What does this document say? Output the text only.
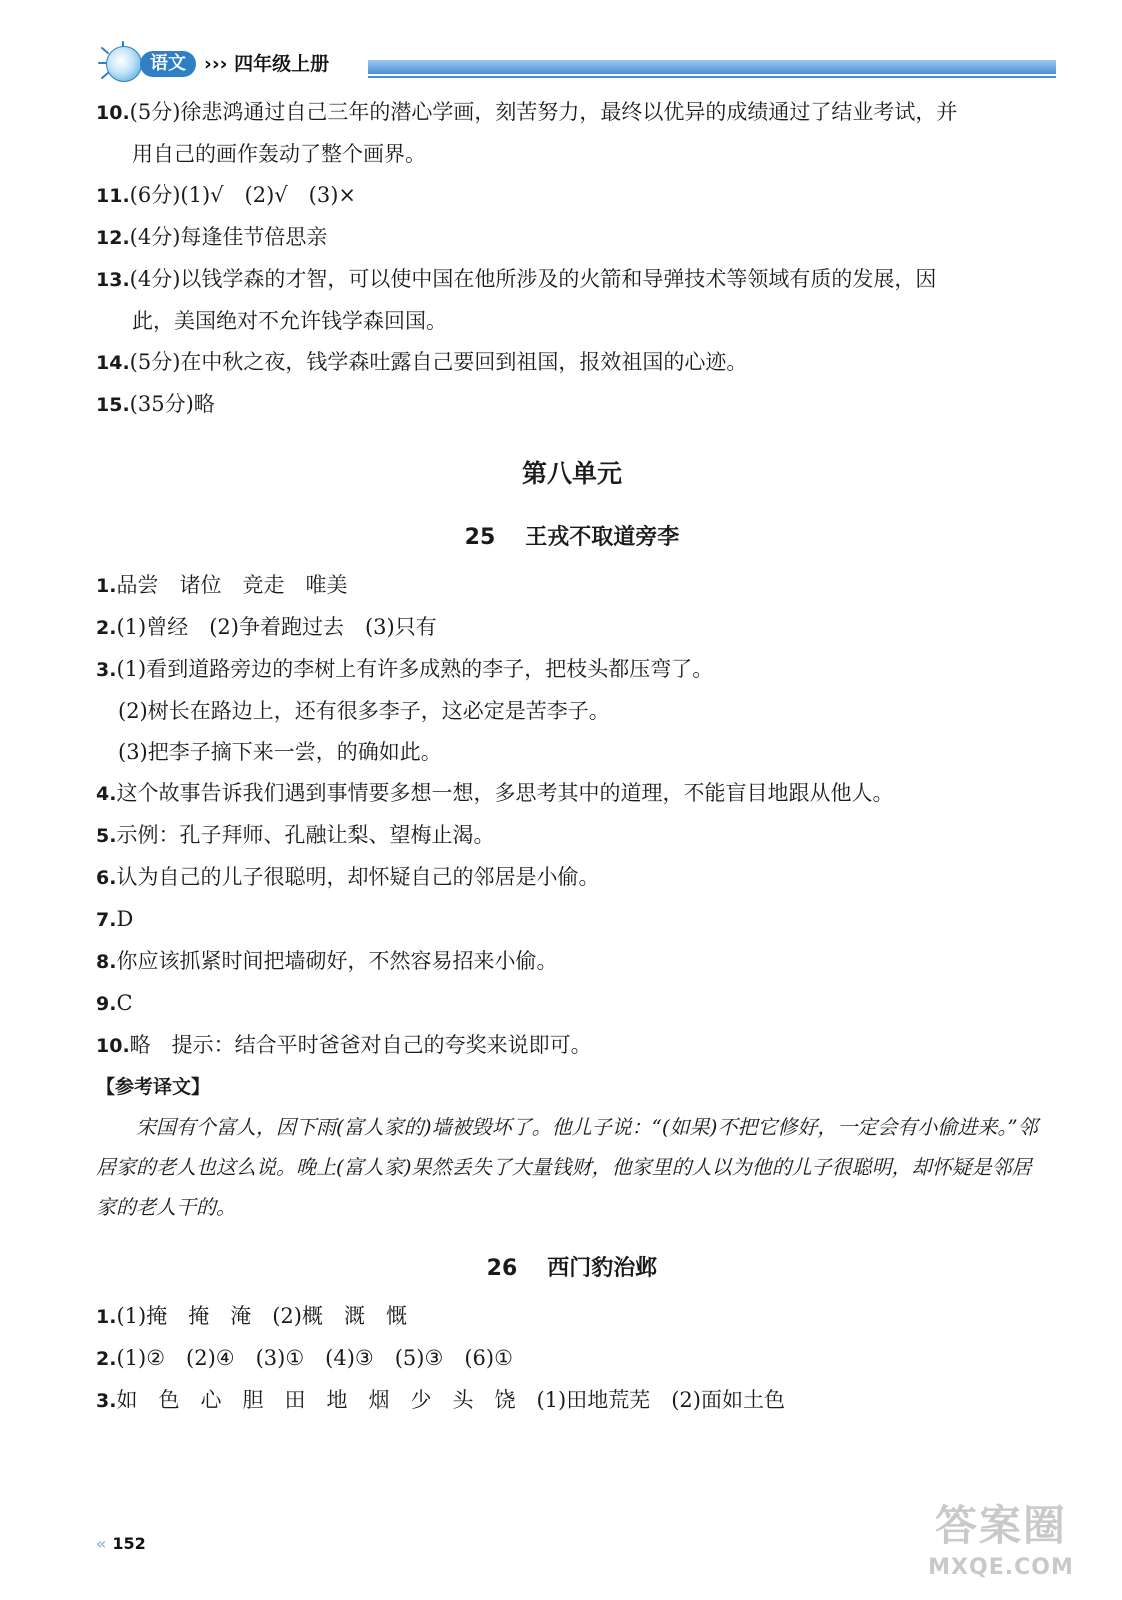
语文 ››› 四年级上册
10.(5分)徐悲鸿通过自己三年的潜心学画，刻苦努力，最终以优异的成绩通过了结业考试，并
用自己的画作轰动了整个画界。
11.(6分)(1)√　(2)√　(3)×
12.(4分)每逢佳节倍思亲
13.(4分)以钱学森的才智，可以使中国在他所涉及的火箭和导弹技术等领域有质的发展，因
此，美国绝对不允许钱学森回国。
14.(5分)在中秋之夜，钱学森吐露自己要回到祖国，报效祖国的心迹。
15.(35分)略
第八单元
25 王戎不取道旁李
1.品尝　诸位　竞走　唯美
2.(1)曾经　(2)争着跑过去　(3)只有
3.(1)看到道路旁边的李树上有许多成熟的李子，把枝头都压弯了。
(2)树长在路边上，还有很多李子，这必定是苦李子。
(3)把李子摘下来一尝，的确如此。
4.这个故事告诉我们遇到事情要多想一想，多思考其中的道理，不能盲目地跟从他人。
5.示例：孔子拜师、孔融让梨、望梅止渴。
6.认为自己的儿子很聪明，却怀疑自己的邻居是小偷。
7.D
8.你应该抓紧时间把墙砌好，不然容易招来小偷。
9.C
10.略　提示：结合平时爸爸对自己的夸奖来说即可。
【参考译文】
宋国有个富人，因下雨(富人家的)墙被毁坏了。他儿子说：“(如果)不把它修好，一定会有小偷进来。”邻居家的老人也这么说。晚上(富人家)果然丢失了大量钱财，他家里的人以为他的儿子很聪明，却怀疑是邻居家的老人干的。
26 西门豹治邺
1.(1)掩　掩　淹　(2)概　溉　慨
2.(1)②　(2)④　(3)①　(4)③　(5)③　(6)①
3.如　色　心　胆　田　地　烟　少　头　饶　(1)田地荒芜　(2)面如土色
« 152	答案圈
MXQE.COM
